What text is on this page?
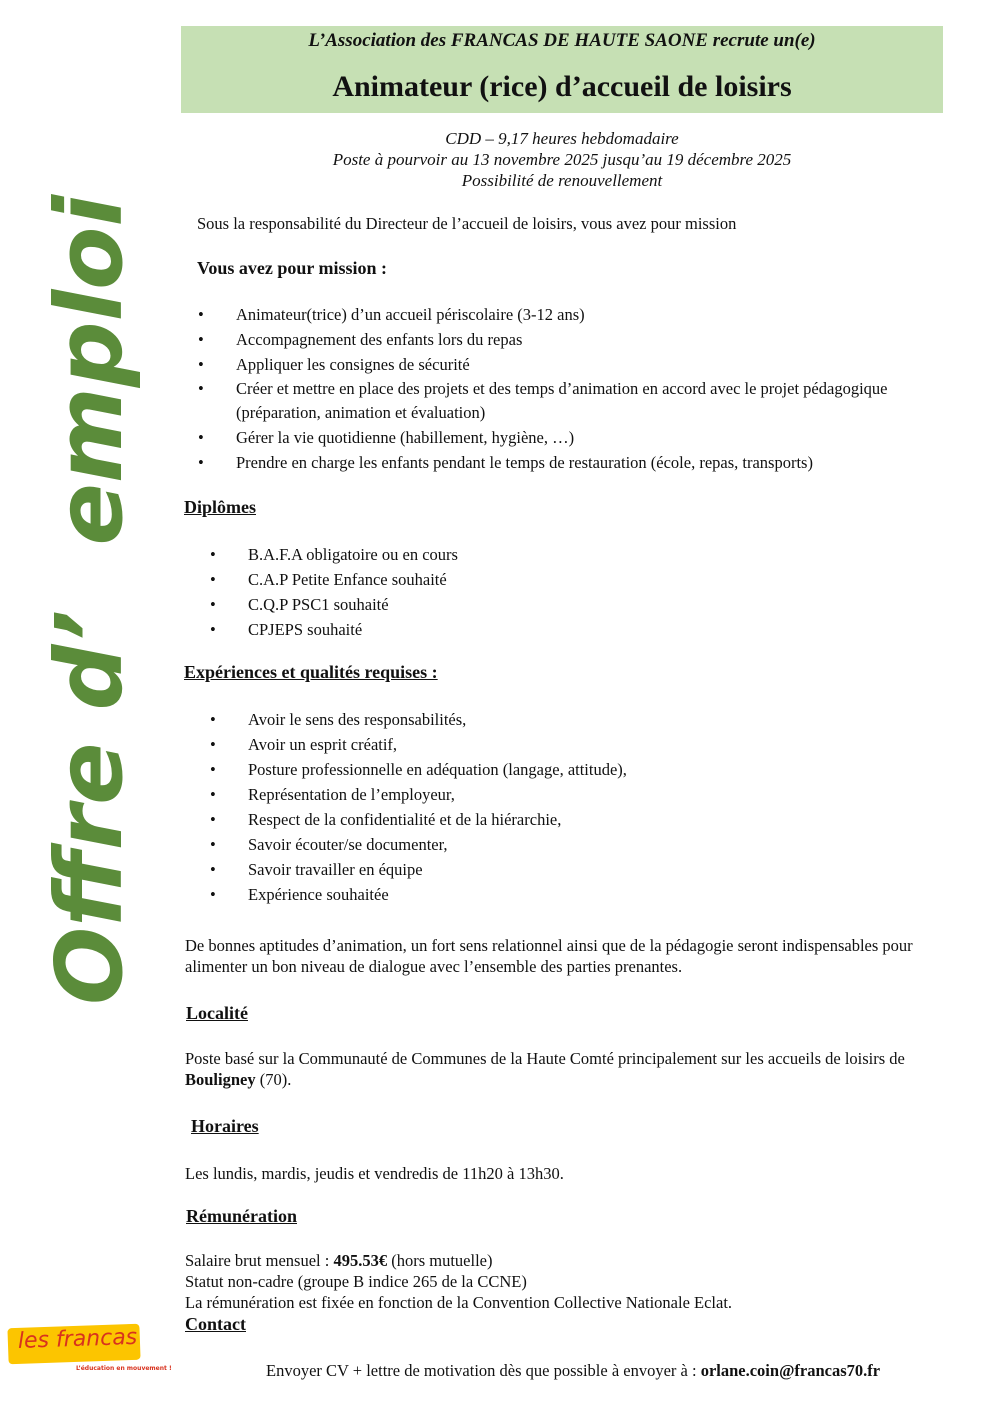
L’Association des FRANCAS DE HAUTE SAONE recrute un(e)
Animateur (rice) d’accueil de loisirs
CDD – 9,17 heures hebdomadaire
Poste à pourvoir au 13 novembre 2025 jusqu’au 19 décembre 2025
Possibilité de renouvellement
Offre d’  emploi	Sous la responsabilité du Directeur de l’accueil de loisirs, vous avez pour mission
Vous avez pour mission :
• Animateur(trice) d’un accueil périscolaire (3-12 ans)
• Accompagnement des enfants lors du repas
• Appliquer les consignes de sécurité
• Créer et mettre en place des projets et des temps d’animation en accord avec le projet pédagogique (préparation, animation et évaluation)
• Gérer la vie quotidienne (habillement, hygiène, …)
• Prendre en charge les enfants pendant le temps de restauration (école, repas, transports)
Diplômes
• B.A.F.A obligatoire ou en cours
• C.A.P Petite Enfance souhaité
• C.Q.P PSC1 souhaité
• CPJEPS souhaité
Expériences et qualités requises :
• Avoir le sens des responsabilités,
• Avoir un esprit créatif,
• Posture professionnelle en adéquation (langage, attitude),
• Représentation de l’employeur,
• Respect de la confidentialité et de la hiérarchie,
• Savoir écouter/se documenter,
• Savoir travailler en équipe
• Expérience souhaitée
De bonnes aptitudes d’animation, un fort sens relationnel ainsi que de la pédagogie seront indispensables pour alimenter un bon niveau de dialogue avec l’ensemble des parties prenantes.
Localité
Poste basé sur la Communauté de Communes de la Haute Comté principalement sur les accueils de loisirs de Bouligney (70).
Horaires
Les lundis, mardis, jeudis et vendredis de 11h20 à 13h30.
Rémunération
Salaire brut mensuel : 495.53€ (hors mutuelle)
Statut non-cadre (groupe B indice 265 de la CCNE)
La rémunération est fixée en fonction de la Convention Collective Nationale Eclat.
Contact
Envoyer CV + lettre de motivation dès que possible à envoyer à : orlane.coin@francas70.fr
les francas
L’éducation en mouvement !
